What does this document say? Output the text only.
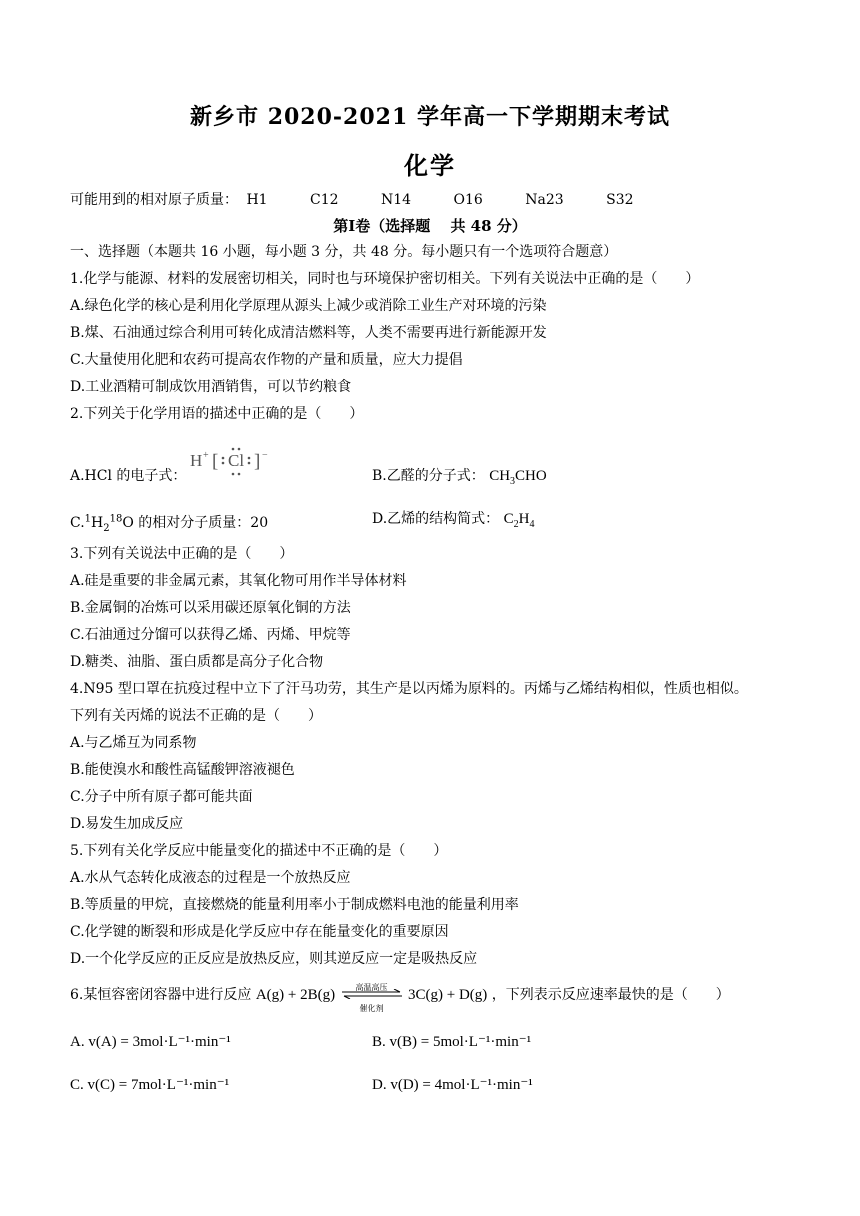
新乡市 2020-2021 学年高一下学期期末考试
化学
可能用到的相对原子质量： H1	C12	N14	O16	Na23	S32
第Ⅰ卷（选择题　 共 48 分）
一、选择题（本题共 16 小题，每小题 3 分，共 48 分。每小题只有一个选项符合题意）
1.化学与能源、材料的发展密切相关，同时也与环境保护密切相关。下列有关说法中正确的是（　　）
A.绿色化学的核心是利用化学原理从源头上减少或消除工业生产对环境的污染
B.煤、石油通过综合利用可转化成清洁燃料等，人类不需要再进行新能源开发
C.大量使用化肥和农药可提高农作物的产量和质量，应大力提倡
D.工业酒精可制成饮用酒销售，可以节约粮食
2.下列关于化学用语的描述中正确的是（　　）
A.HCl 的电子式：
H + [ Cl ] −
B.乙醛的分子式： $CH_3CHO$
$C.^1H_2^{18}O$ 的相对分子质量：20	D.乙烯的结构简式： $C_2H_4$
3.下列有关说法中正确的是（　　）
A.硅是重要的非金属元素，其氧化物可用作半导体材料
B.金属铜的冶炼可以采用碳还原氧化铜的方法
C.石油通过分馏可以获得乙烯、丙烯、甲烷等
D.糖类、油脂、蛋白质都是高分子化合物
4.N95 型口罩在抗疫过程中立下了汗马功劳，其生产是以丙烯为原料的。丙烯与乙烯结构相似，性质也相似。
下列有关丙烯的说法不正确的是（　　）
A.与乙烯互为同系物
B.能使溴水和酸性高锰酸钾溶液褪色
C.分子中所有原子都可能共面
D.易发生加成反应
5.下列有关化学反应中能量变化的描述中不正确的是（　　）
A.水从气态转化成液态的过程是一个放热反应
B.等质量的甲烷，直接燃烧的能量利用率小于制成燃料电池的能量利用率
C.化学键的断裂和形成是化学反应中存在能量变化的重要原因
D.一个化学反应的正反应是放热反应，则其逆反应一定是吸热反应
6.某恒容密闭容器中进行反应 A(g) + 2B(g)	高温高压
催化剂
3C(g) + D(g) ，下列表示反应速率最快的是（　　）
A. v(A) = 3mol·L⁻¹·min⁻¹	B. v(B) = 5mol·L⁻¹·min⁻¹
C. v(C) = 7mol·L⁻¹·min⁻¹	D. v(D) = 4mol·L⁻¹·min⁻¹
